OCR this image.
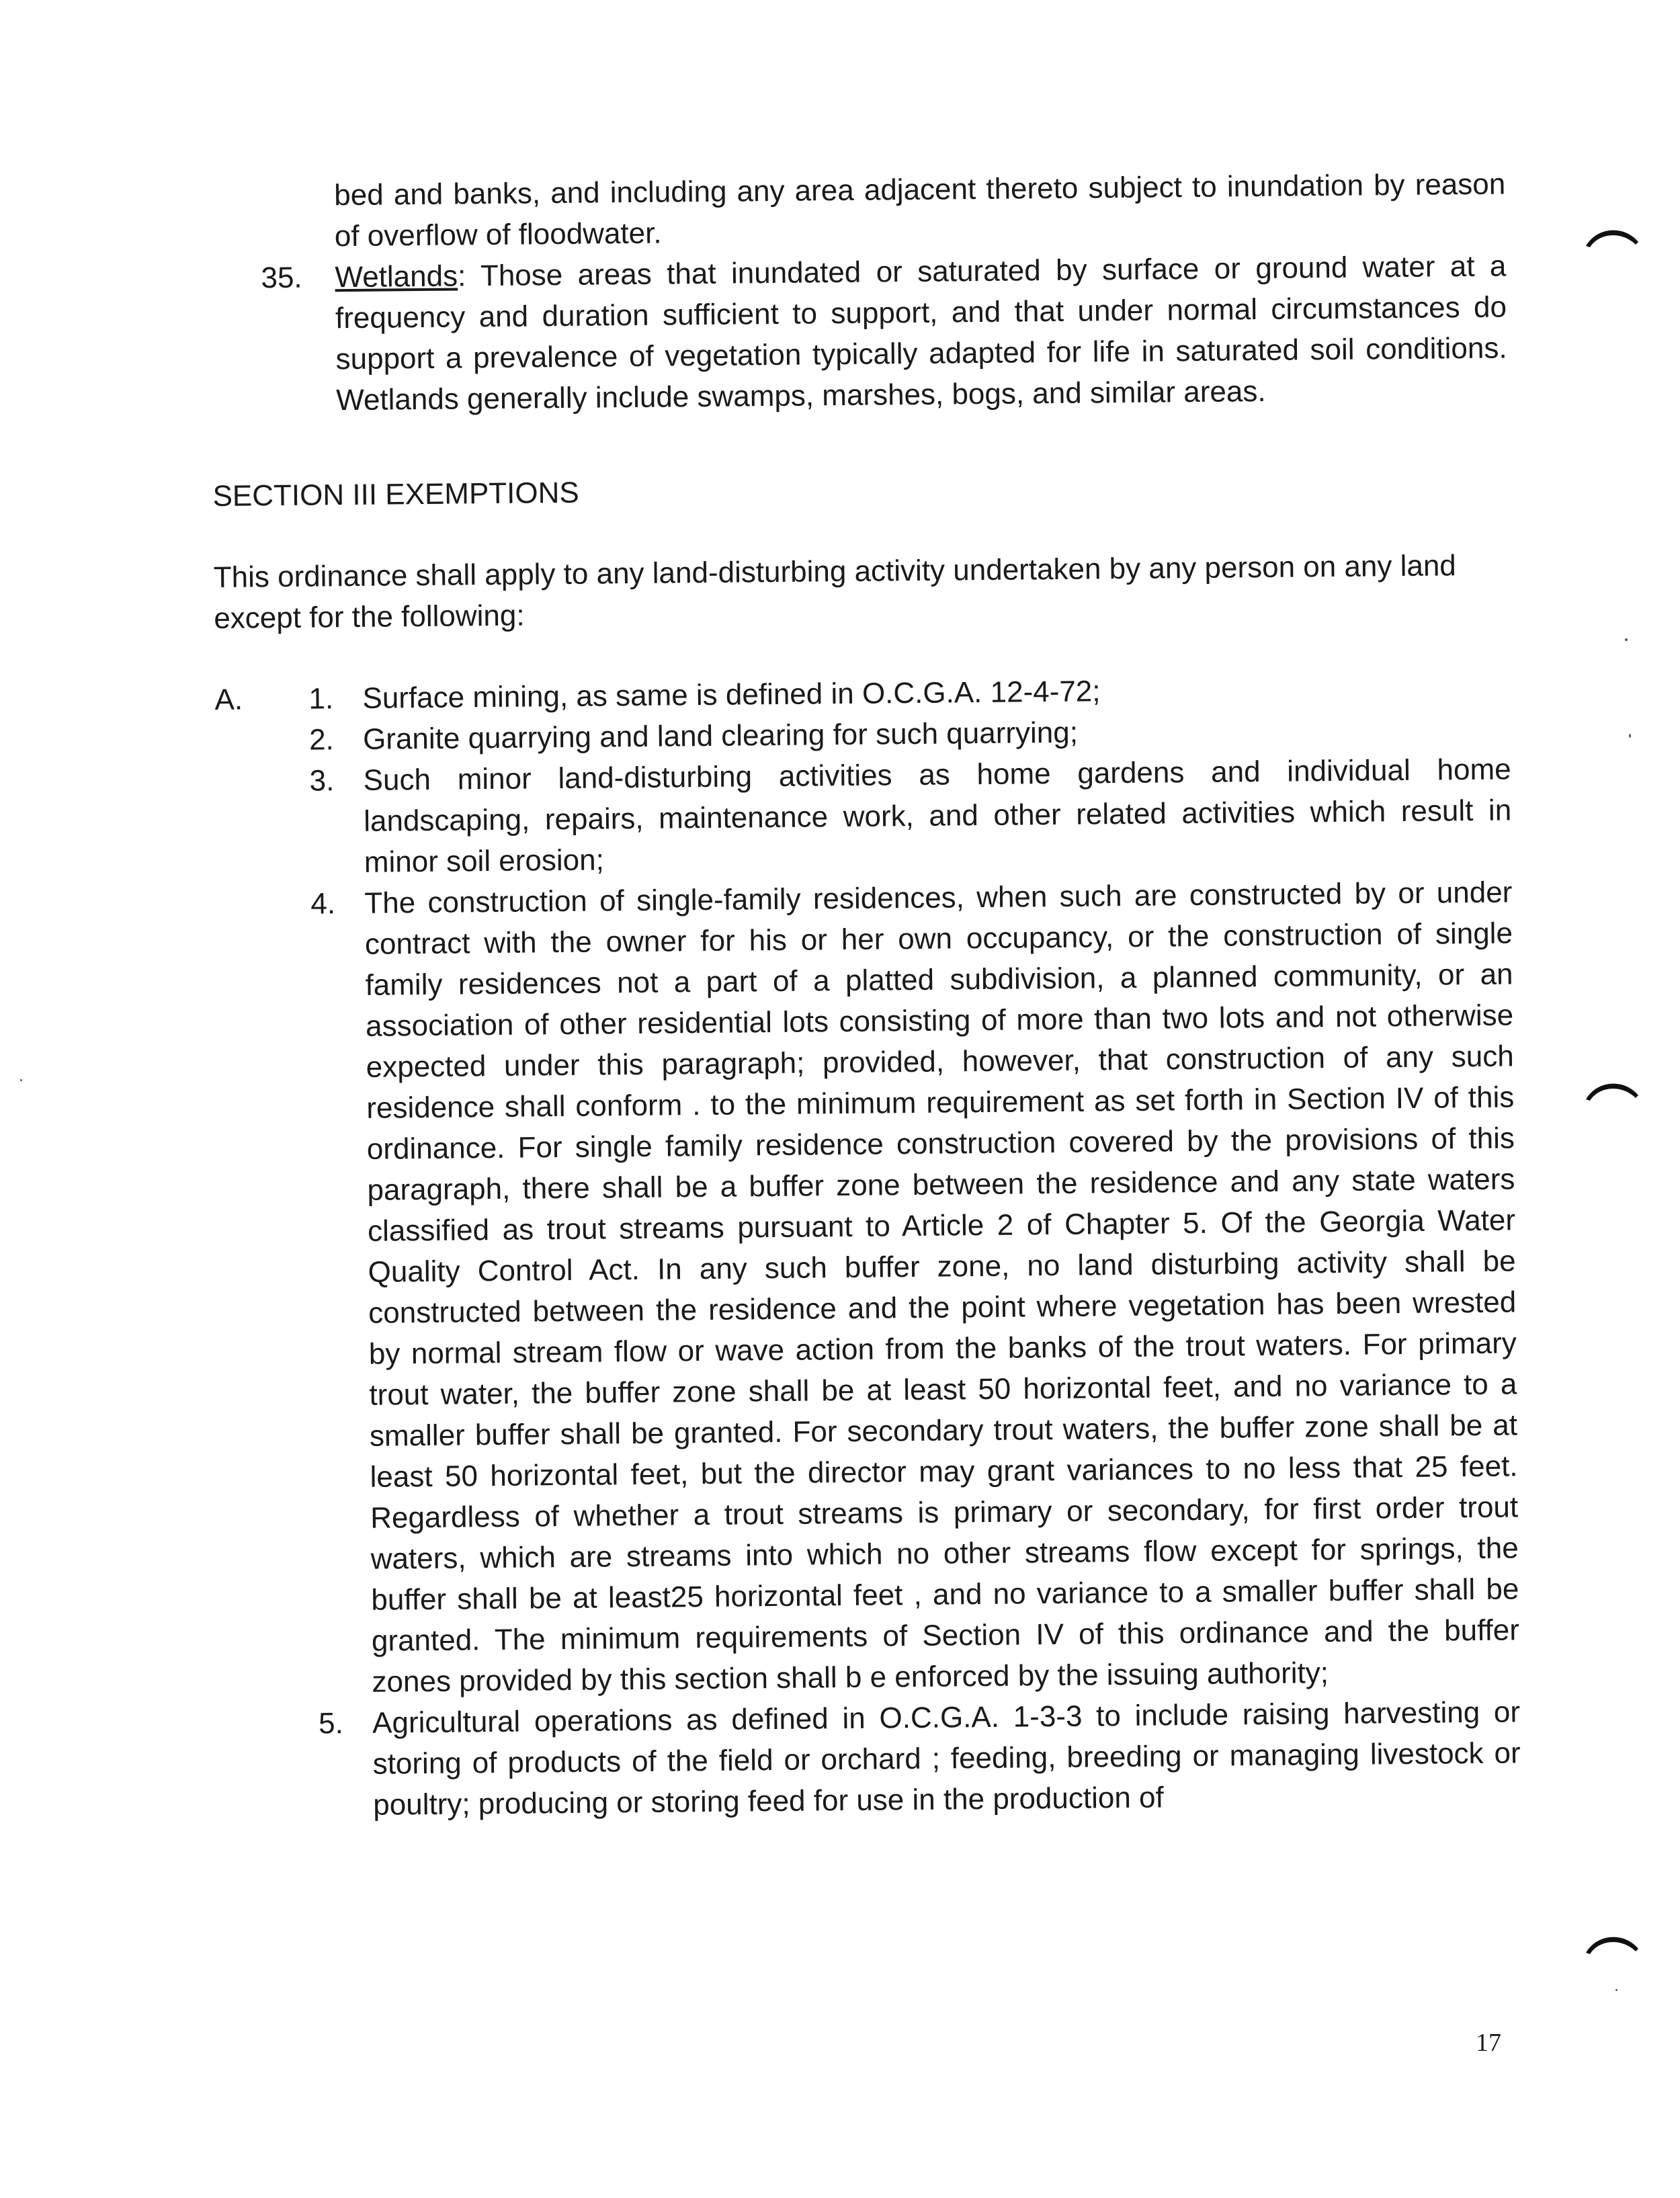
bed and banks, and including any area adjacent thereto subject to inundation by reason of overflow of floodwater.

35.	Wetlands: Those areas that inundated or saturated by surface or ground water at a frequency and duration sufficient to support, and that under normal circumstances do support a prevalence of vegetation typically adapted for life in saturated soil conditions. Wetlands generally include swamps, marshes, bogs, and similar areas.
SECTION III EXEMPTIONS
This ordinance shall apply to any land-disturbing activity undertaken by any person on any land except for the following:
A.	1. Surface mining, as same is defined in O.C.G.A. 12-4-72;
2. Granite quarrying and land clearing for such quarrying;
3. Such minor land-disturbing activities as home gardens and individual home landscaping, repairs, maintenance work, and other related activities which result in minor soil erosion;
4. The construction of single-family residences, when such are constructed by or under contract with the owner for his or her own occupancy, or the construction of single family residences not a part of a platted subdivision, a planned community, or an association of other residential lots consisting of more than two lots and not otherwise expected under this paragraph; provided, however, that construction of any such residence shall conform . to the minimum requirement as set forth in Section IV of this ordinance. For single family residence construction covered by the provisions of this paragraph, there shall be a buffer zone between the residence and any state waters classified as trout streams pursuant to Article 2 of Chapter 5. Of the Georgia Water Quality Control Act. In any such buffer zone, no land disturbing activity shall be constructed between the residence and the point where vegetation has been wrested by normal stream flow or wave action from the banks of the trout waters. For primary trout water, the buffer zone shall be at least 50 horizontal feet, and no variance to a smaller buffer shall be granted. For secondary trout waters, the buffer zone shall be at least 50 horizontal feet, but the director may grant variances to no less that 25 feet. Regardless of whether a trout streams is primary or secondary, for first order trout waters, which are streams into which no other streams flow except for springs, the buffer shall be at least25 horizontal feet , and no variance to a smaller buffer shall be granted. The minimum requirements of Section IV of this ordinance and the buffer zones provided by this section shall b e enforced by the issuing authority;
5. Agricultural operations as defined in O.C.G.A. 1-3-3 to include raising harvesting or storing of products of the field or orchard ; feeding, breeding or managing livestock or poultry; producing or storing feed for use in the production of
17
